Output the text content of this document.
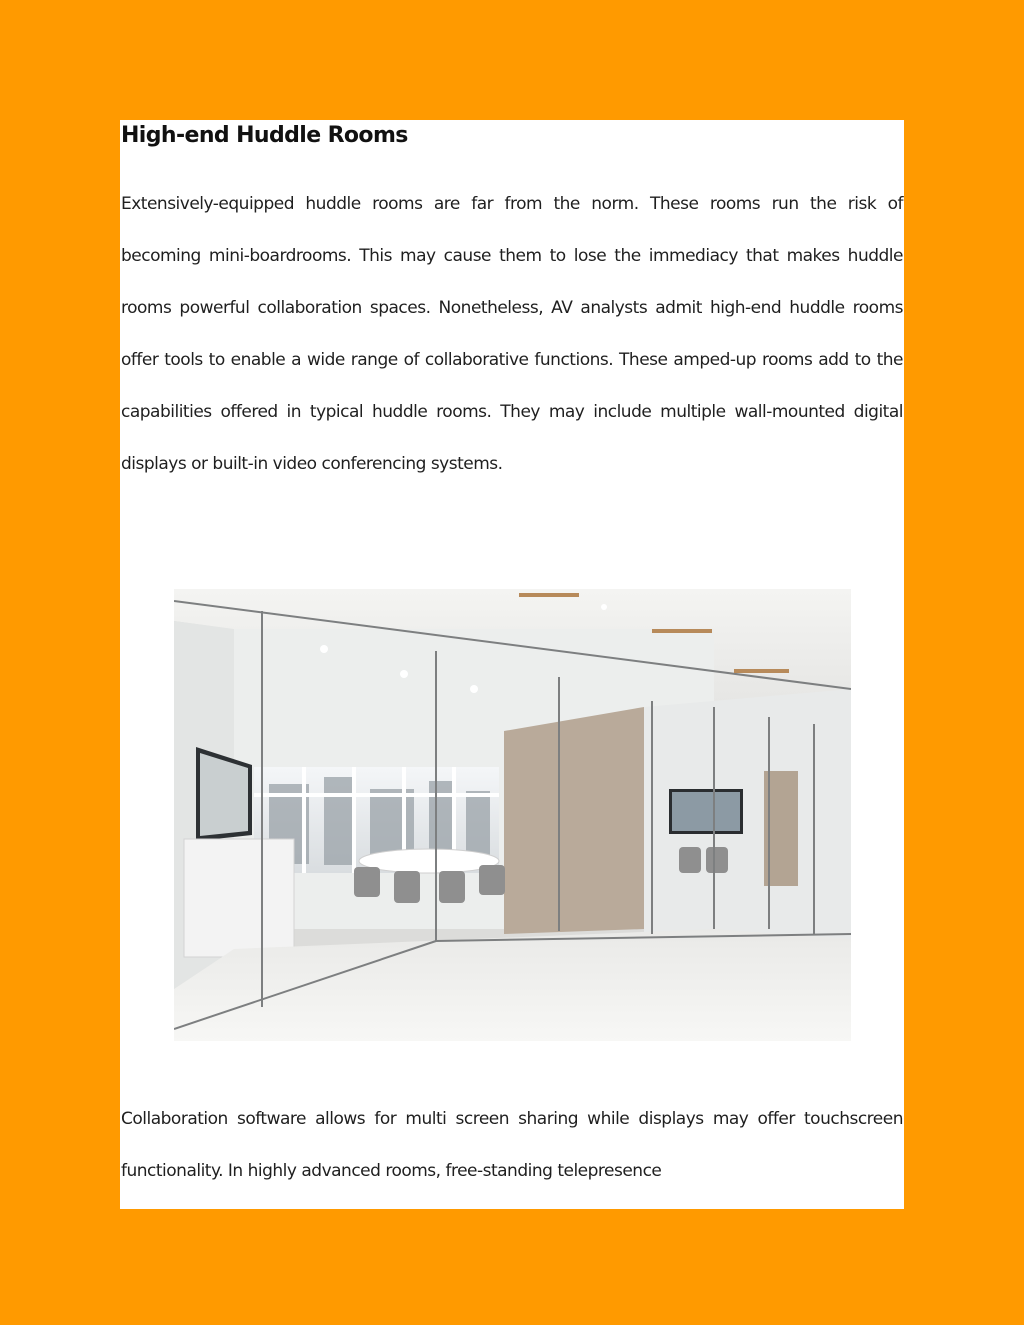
High-end Huddle Rooms

Extensively-equipped huddle rooms are far from the norm. These rooms run the risk of becoming mini-boardrooms. This may cause them to lose the immediacy that makes huddle rooms powerful collaboration spaces. Nonetheless, AV analysts admit high-end huddle rooms offer tools to enable a wide range of collaborative functions. These amped-up rooms add to the capabilities offered in typical huddle rooms. They may include multiple wall-mounted digital displays or built-in video conferencing systems.

Collaboration software allows for multi screen sharing while displays may offer touchscreen functionality. In highly advanced rooms, free-standing telepresence
